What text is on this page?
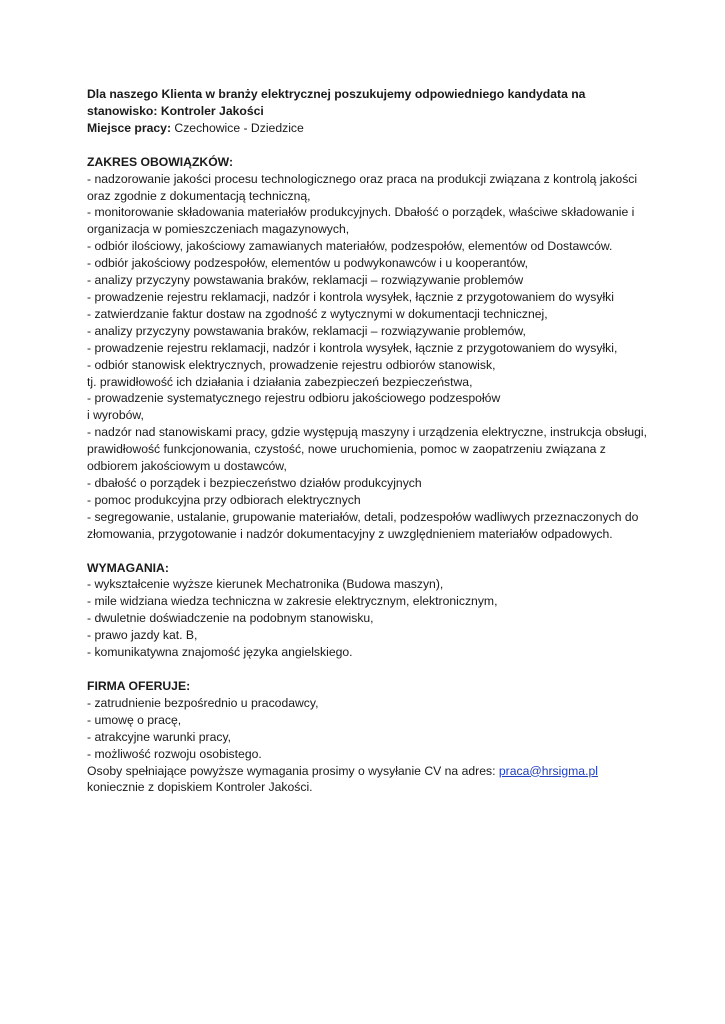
Dla naszego Klienta w branży elektrycznej poszukujemy odpowiedniego kandydata na stanowisko: Kontroler Jakości

Miejsce pracy: Czechowice - Dziedzice

ZAKRES OBOWIĄZKÓW:

- nadzorowanie jakości procesu technologicznego oraz praca na produkcji związana z kontrolą jakości oraz zgodnie z dokumentacją techniczną,

- monitorowanie składowania materiałów produkcyjnych. Dbałość o porządek, właściwe składowanie i organizacja w pomieszczeniach magazynowych,

- odbiór ilościowy, jakościowy zamawianych materiałów, podzespołów, elementów od Dostawców.

- odbiór jakościowy podzespołów, elementów u podwykonawców i u kooperantów,

- analizy przyczyny powstawania braków, reklamacji – rozwiązywanie problemów

- prowadzenie rejestru reklamacji, nadzór i kontrola wysyłek, łącznie z przygotowaniem do wysyłki

- zatwierdzanie faktur dostaw na zgodność z wytycznymi w dokumentacji technicznej,

- analizy przyczyny powstawania braków, reklamacji – rozwiązywanie problemów,

- prowadzenie rejestru reklamacji, nadzór i kontrola wysyłek, łącznie z przygotowaniem do wysyłki,

- odbiór stanowisk elektrycznych, prowadzenie rejestru odbiorów stanowisk,

tj. prawidłowość ich działania i działania zabezpieczeń bezpieczeństwa,

- prowadzenie systematycznego rejestru odbioru jakościowego podzespołów

i wyrobów,

- nadzór nad stanowiskami pracy, gdzie występują maszyny i urządzenia elektryczne, instrukcja obsługi, prawidłowość funkcjonowania, czystość, nowe uruchomienia, pomoc w zaopatrzeniu związana z odbiorem jakościowym u dostawców,

- dbałość o porządek i bezpieczeństwo działów produkcyjnych

- pomoc produkcyjna przy odbiorach elektrycznych

- segregowanie, ustalanie, grupowanie materiałów, detali, podzespołów wadliwych przeznaczonych do złomowania, przygotowanie i nadzór dokumentacyjny z uwzględnieniem materiałów odpadowych.

WYMAGANIA:

- wykształcenie wyższe kierunek Mechatronika (Budowa maszyn),

- mile widziana wiedza techniczna w zakresie elektrycznym, elektronicznym,

- dwuletnie doświadczenie na podobnym stanowisku,

- prawo jazdy kat. B,

- komunikatywna znajomość języka angielskiego.

FIRMA OFERUJE:

- zatrudnienie bezpośrednio u pracodawcy,

- umowę o pracę,

- atrakcyjne warunki pracy,

- możliwość rozwoju osobistego.

Osoby spełniające powyższe wymagania prosimy o wysyłanie CV na adres: praca@hrsigma.pl koniecznie z dopiskiem Kontroler Jakości.
